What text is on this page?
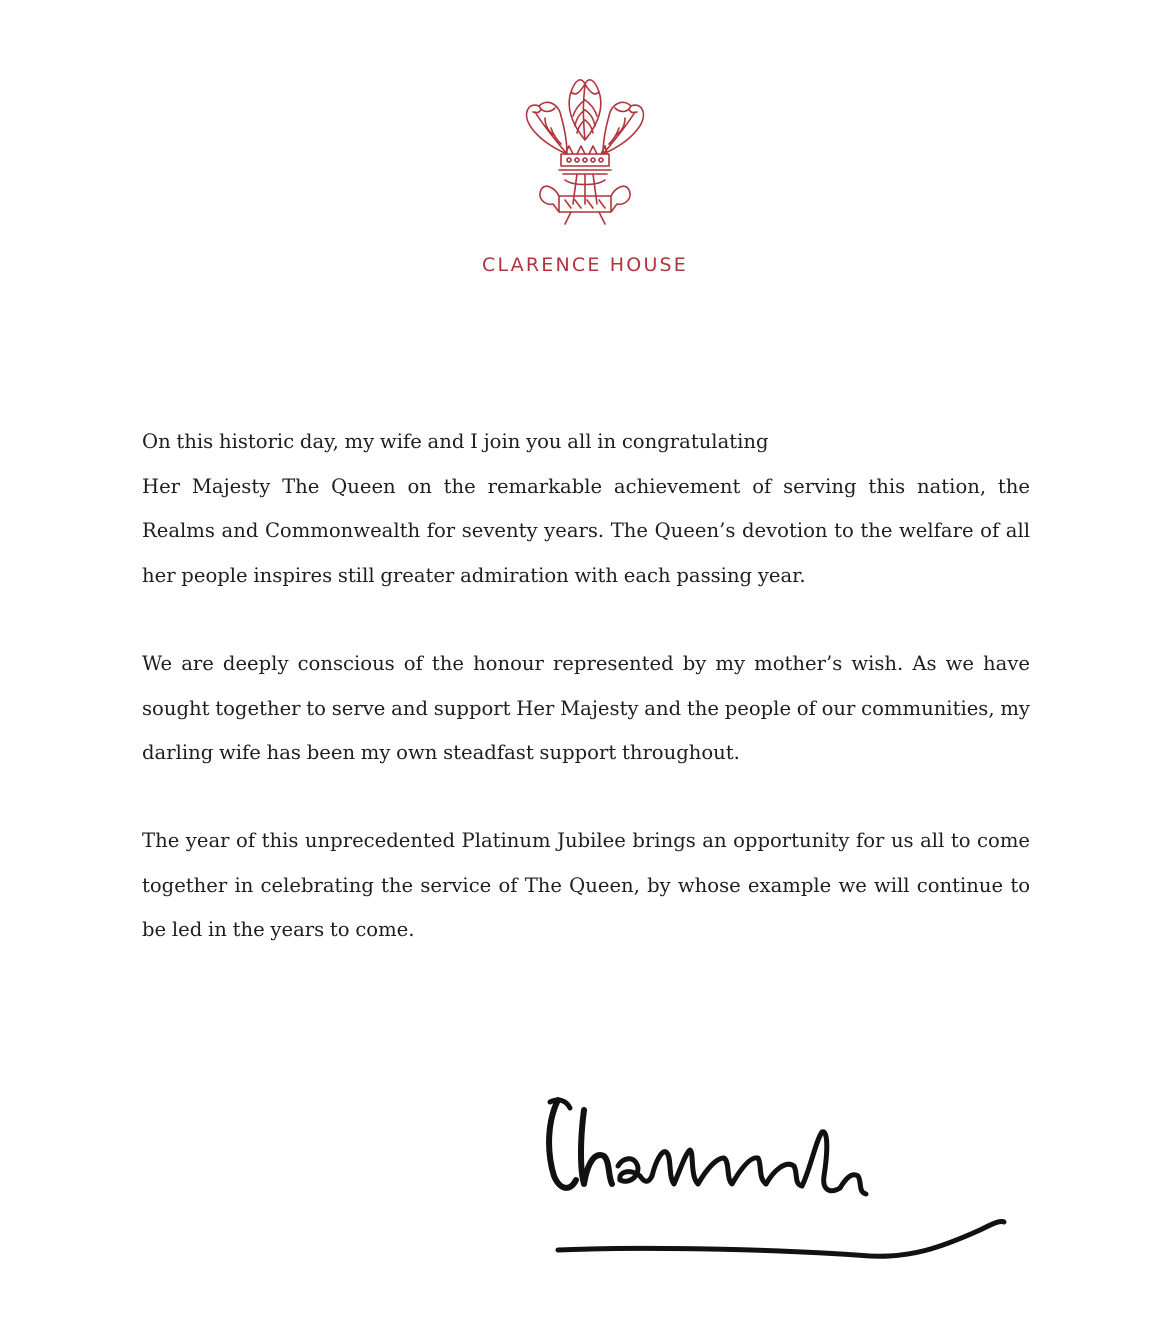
CLARENCE HOUSE

On this historic day, my wife and I join you all in congratulating
Her Majesty The Queen on the remarkable achievement of serving this nation, the Realms and Commonwealth for seventy years. The Queen’s devotion to the welfare of all her people inspires still greater admiration with each passing year.

We are deeply conscious of the honour represented by my mother’s wish. As we have sought together to serve and support Her Majesty and the people of our communities, my darling wife has been my own steadfast support throughout.

The year of this unprecedented Platinum Jubilee brings an opportunity for us all to come together in celebrating the service of The Queen, by whose example we will continue to be led in the years to come.
